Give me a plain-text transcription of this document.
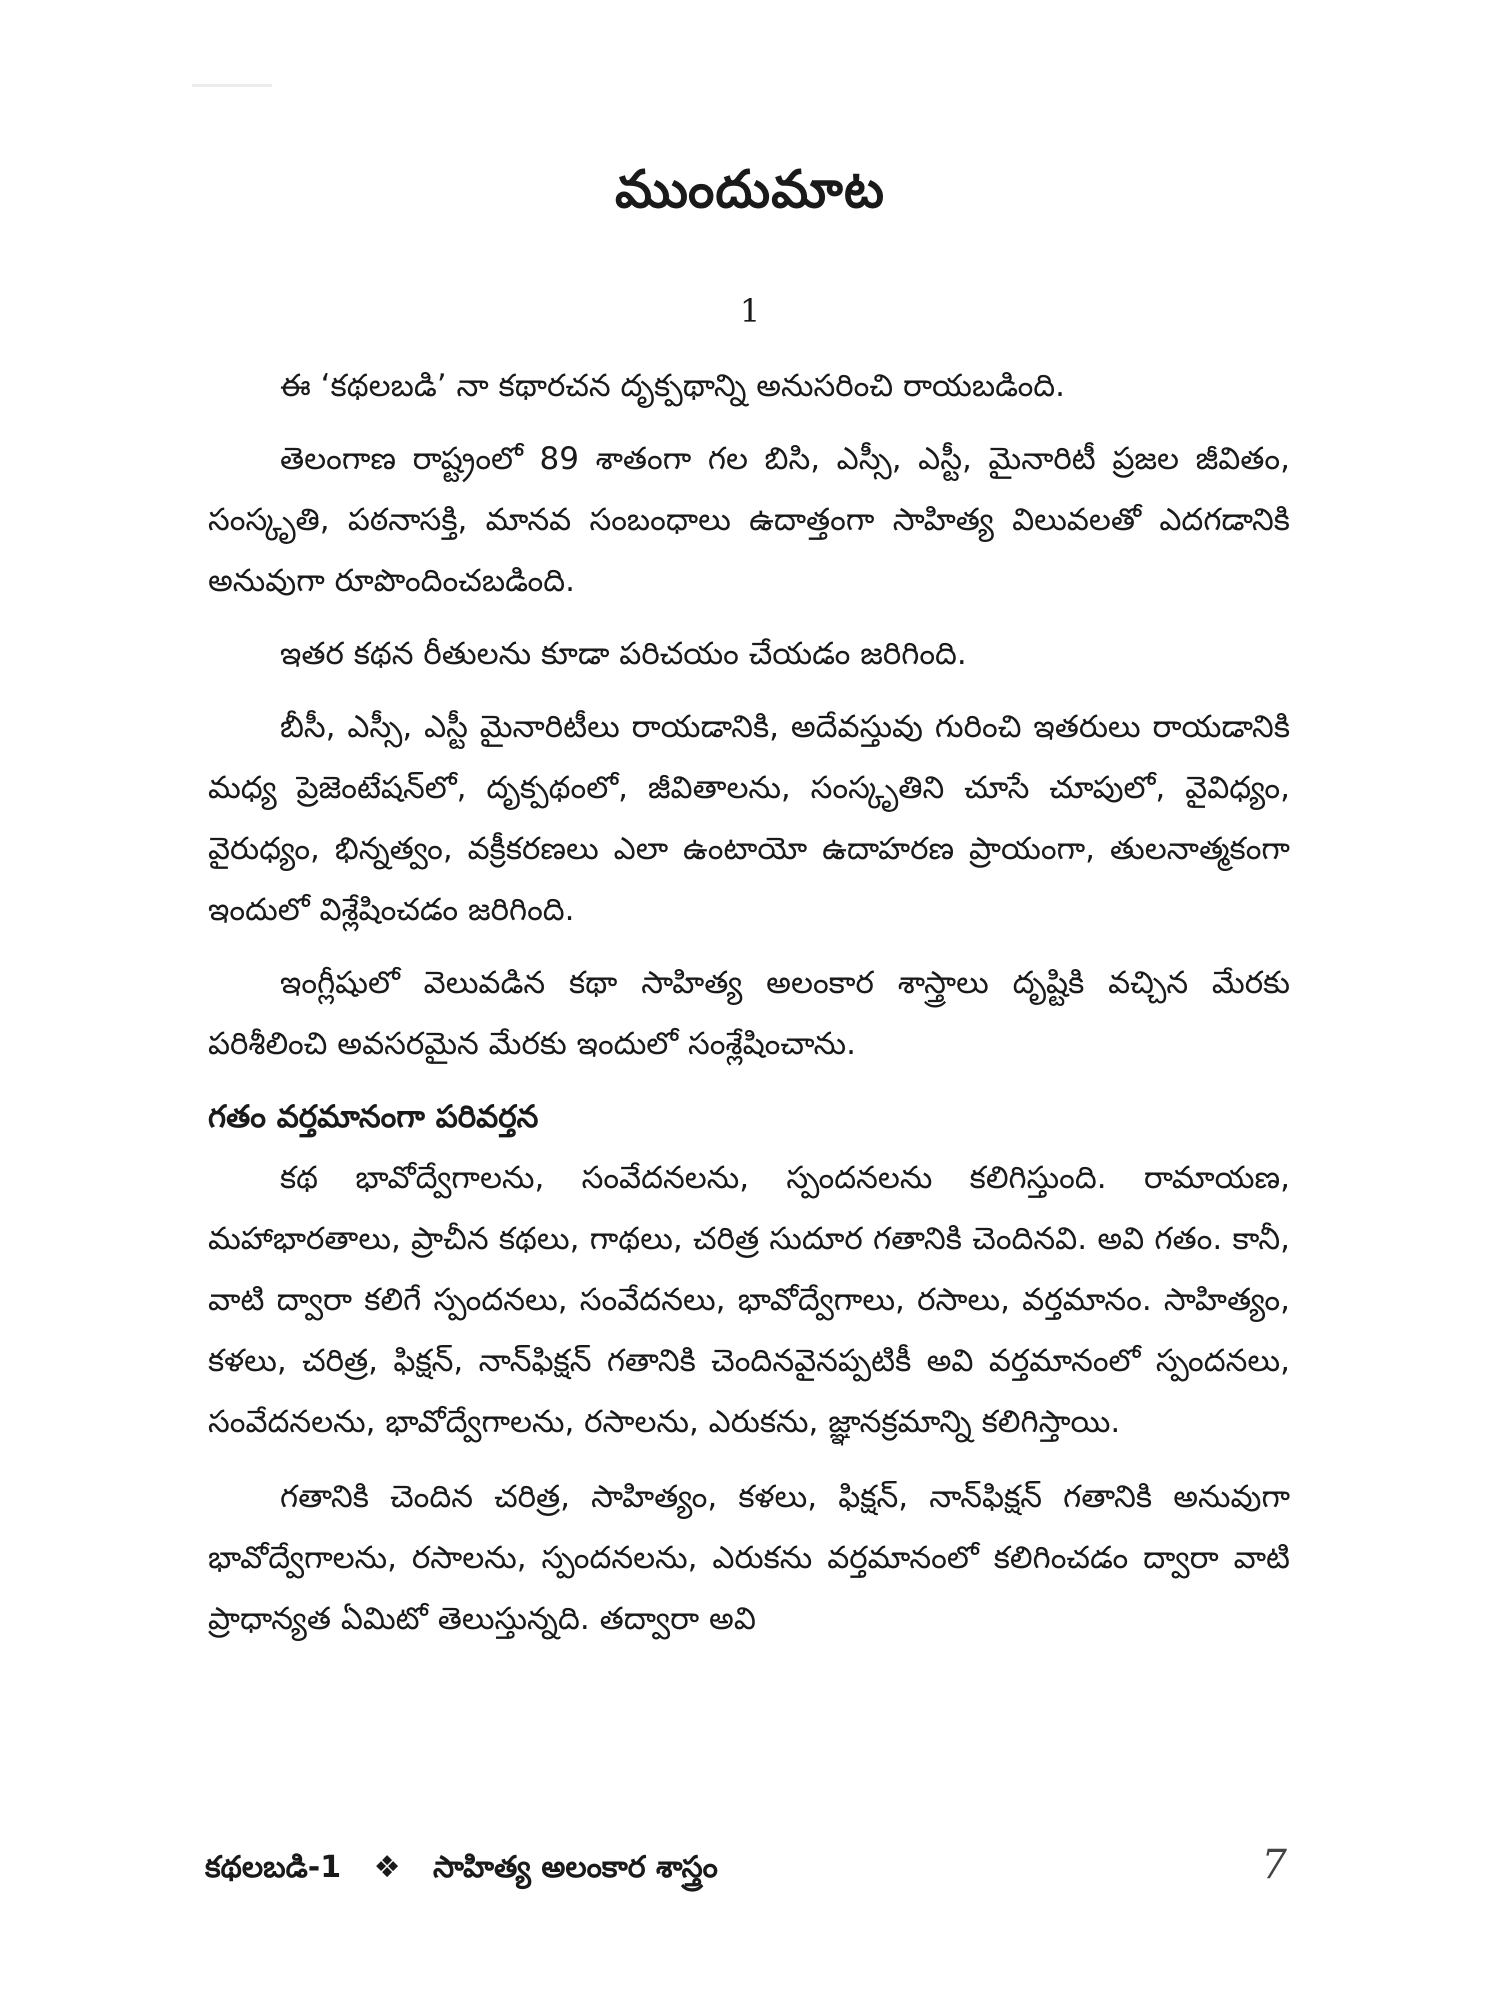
ముందుమాట
1

ఈ ‘కథలబడి’ నా కథారచన దృక్పథాన్ని అనుసరించి రాయబడింది.

తెలంగాణ రాష్ట్రంలో 89 శాతంగా గల బిసి, ఎస్సీ, ఎస్టీ, మైనారిటీ ప్రజల జీవితం, సంస్కృతి, పఠనాసక్తి, మానవ సంబంధాలు ఉదాత్తంగా సాహిత్య విలువలతో ఎదగడానికి అనువుగా రూపొందించబడింది.

ఇతర కథన రీతులను కూడా పరిచయం చేయడం జరిగింది.

బీసీ, ఎస్సీ, ఎస్టీ మైనారిటీలు రాయడానికి, అదేవస్తువు గురించి ఇతరులు రాయడానికి మధ్య ప్రెజెంటేషన్‌లో, దృక్పథంలో, జీవితాలను, సంస్కృతిని చూసే చూపులో, వైవిధ్యం, వైరుధ్యం, భిన్నత్వం, వక్రీకరణలు ఎలా ఉంటాయో ఉదాహరణ ప్రాయంగా, తులనాత్మకంగా ఇందులో విశ్లేషించడం జరిగింది.

ఇంగ్లీషులో వెలువడిన కథా సాహిత్య అలంకార శాస్త్రాలు దృష్టికి వచ్చిన మేరకు పరిశీలించి అవసరమైన మేరకు ఇందులో సంశ్లేషించాను.

గతం వర్తమానంగా పరివర్తన

కథ భావోద్వేగాలను, సంవేదనలను, స్పందనలను కలిగిస్తుంది. రామాయణ, మహాభారతాలు, ప్రాచీన కథలు, గాథలు, చరిత్ర సుదూర గతానికి చెందినవి. అవి గతం. కానీ, వాటి ద్వారా కలిగే స్పందనలు, సంవేదనలు, భావోద్వేగాలు, రసాలు, వర్తమానం. సాహిత్యం, కళలు, చరిత్ర, ఫిక్షన్, నాన్‌ఫిక్షన్ గతానికి చెందినవైనప్పటికీ అవి వర్తమానంలో స్పందనలు, సంవేదనలను, భావోద్వేగాలను, రసాలను, ఎరుకను, జ్ఞానక్రమాన్ని కలిగిస్తాయి.

గతానికి చెందిన చరిత్ర, సాహిత్యం, కళలు, ఫిక్షన్, నాన్‌ఫిక్షన్ గతానికి అనువుగా భావోద్వేగాలను, రసాలను, స్పందనలను, ఎరుకను వర్తమానంలో కలిగించడం ద్వారా వాటి ప్రాధాన్యత ఏమిటో తెలుస్తున్నది. తద్వారా అవి

కథలబడి-1 ❖ సాహిత్య అలంకార శాస్త్రం	7
